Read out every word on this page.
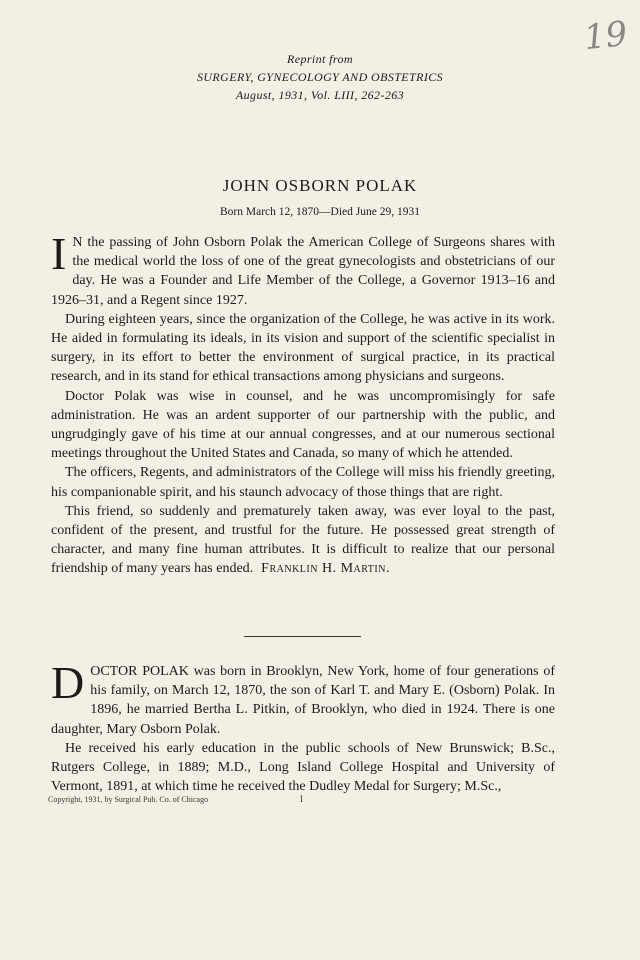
19
Reprint from
SURGERY, GYNECOLOGY AND OBSTETRICS
August, 1931, Vol. LIII, 262-263
JOHN OSBORN POLAK
Born March 12, 1870—Died June 29, 1931

I N the passing of John Osborn Polak the American College of Surgeons shares with the medical world the loss of one of the great gynecologists and obstetricians of our day. He was a Founder and Life Member of the College, a Governor 1913–16 and 1926–31, and a Regent since 1927.

During eighteen years, since the organization of the College, he was active in its work. He aided in formulating its ideals, in its vision and support of the scientific specialist in surgery, in its effort to better the environment of surgical practice, in its practical research, and in its stand for ethical transactions among physicians and surgeons.

Doctor Polak was wise in counsel, and he was uncompromisingly for safe administration. He was an ardent supporter of our partnership with the public, and ungrudgingly gave of his time at our annual congresses, and at our numerous sectional meetings throughout the United States and Canada, so many of which he attended.

The officers, Regents, and administrators of the College will miss his friendly greeting, his companionable spirit, and his staunch advocacy of those things that are right.

This friend, so suddenly and prematurely taken away, was ever loyal to the past, confident of the present, and trustful for the future. He possessed great strength of character, and many fine human attributes. It is difficult to realize that our personal friendship of many years has ended. Franklin H. Martin.

DOCTOR POLAK was born in Brooklyn, New York, home of four generations of his family, on March 12, 1870, the son of Karl T. and Mary E. (Osborn) Polak. In 1896, he married Bertha L. Pitkin, of Brooklyn, who died in 1924. There is one daughter, Mary Osborn Polak.

He received his early education in the public schools of New Brunswick; B.Sc., Rutgers College, in 1889; M.D., Long Island College Hospital and University of Vermont, 1891, at which time he received the Dudley Medal for Surgery; M.Sc.,

Copyright, 1931, by Surgical Pub. Co. of Chicago	I
